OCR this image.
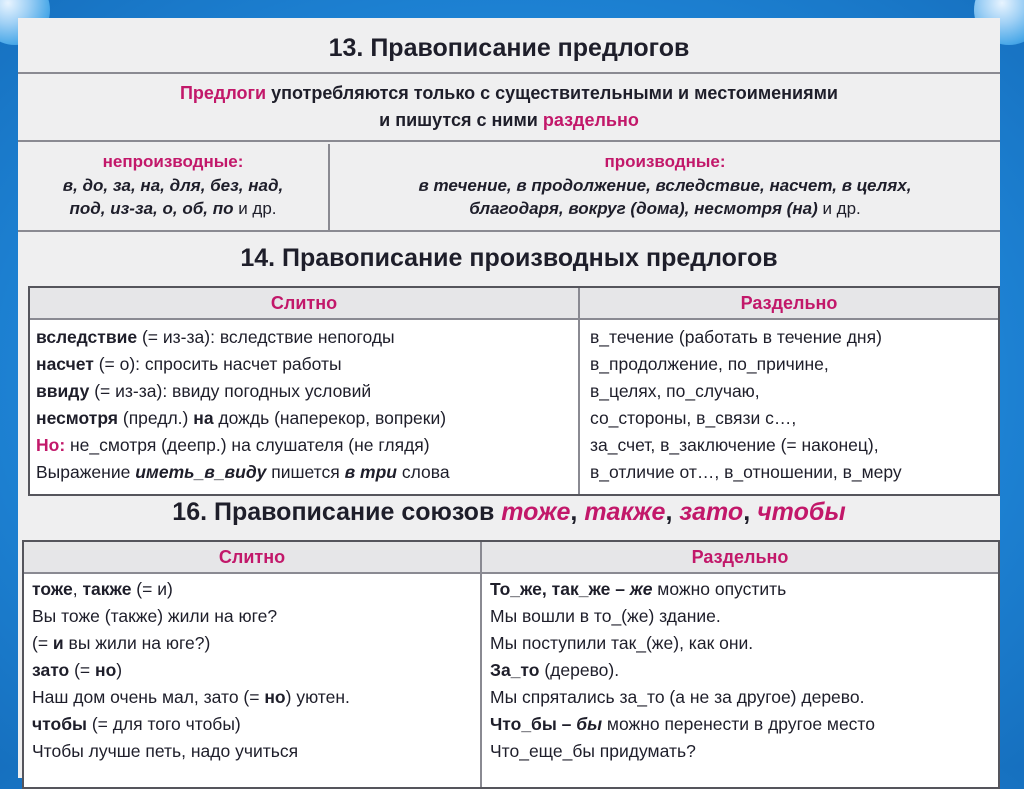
13. Правописание предлогов
Предлоги употребляются только с существительными и местоимениями
и пишутся с ними раздельно
непроизводные:
в, до, за, на, для, без, над,
под, из-за, о, об, по и др.
производные:
в течение, в продолжение, вследствие, насчет, в целях,
благодаря, вокруг (дома), несмотря (на) и др.
14. Правописание производных предлогов
Слитно	Раздельно
вследствие (= из-за): вследствие непогоды
насчет (= о): спросить насчет работы
ввиду (= из-за): ввиду погодных условий
несмотря (предл.) на дождь (наперекор, вопреки)
Но: не_смотря (деепр.) на слушателя (не глядя)
Выражение иметь_в_виду пишется в три слова
в_течение (работать в течение дня)
в_продолжение, по_причине,
в_целях, по_случаю,
со_стороны, в_связи с…,
за_счет, в_заключение (= наконец),
в_отличие от…, в_отношении, в_меру
16. Правописание союзов тоже, также, зато, чтобы
Слитно	Раздельно
тоже, также (= и)
Вы тоже (также) жили на юге?
(= и вы жили на юге?)
зато (= но)
Наш дом очень мал, зато (= но) уютен.
чтобы (= для того чтобы)
Чтобы лучше петь, надо учиться
То_же, так_же – же можно опустить
Мы вошли в то_(же) здание.
Мы поступили так_(же), как они.
За_то (дерево).
Мы спрятались за_то (а не за другое) дерево.
Что_бы – бы можно перенести в другое место
Что_еще_бы придумать?
